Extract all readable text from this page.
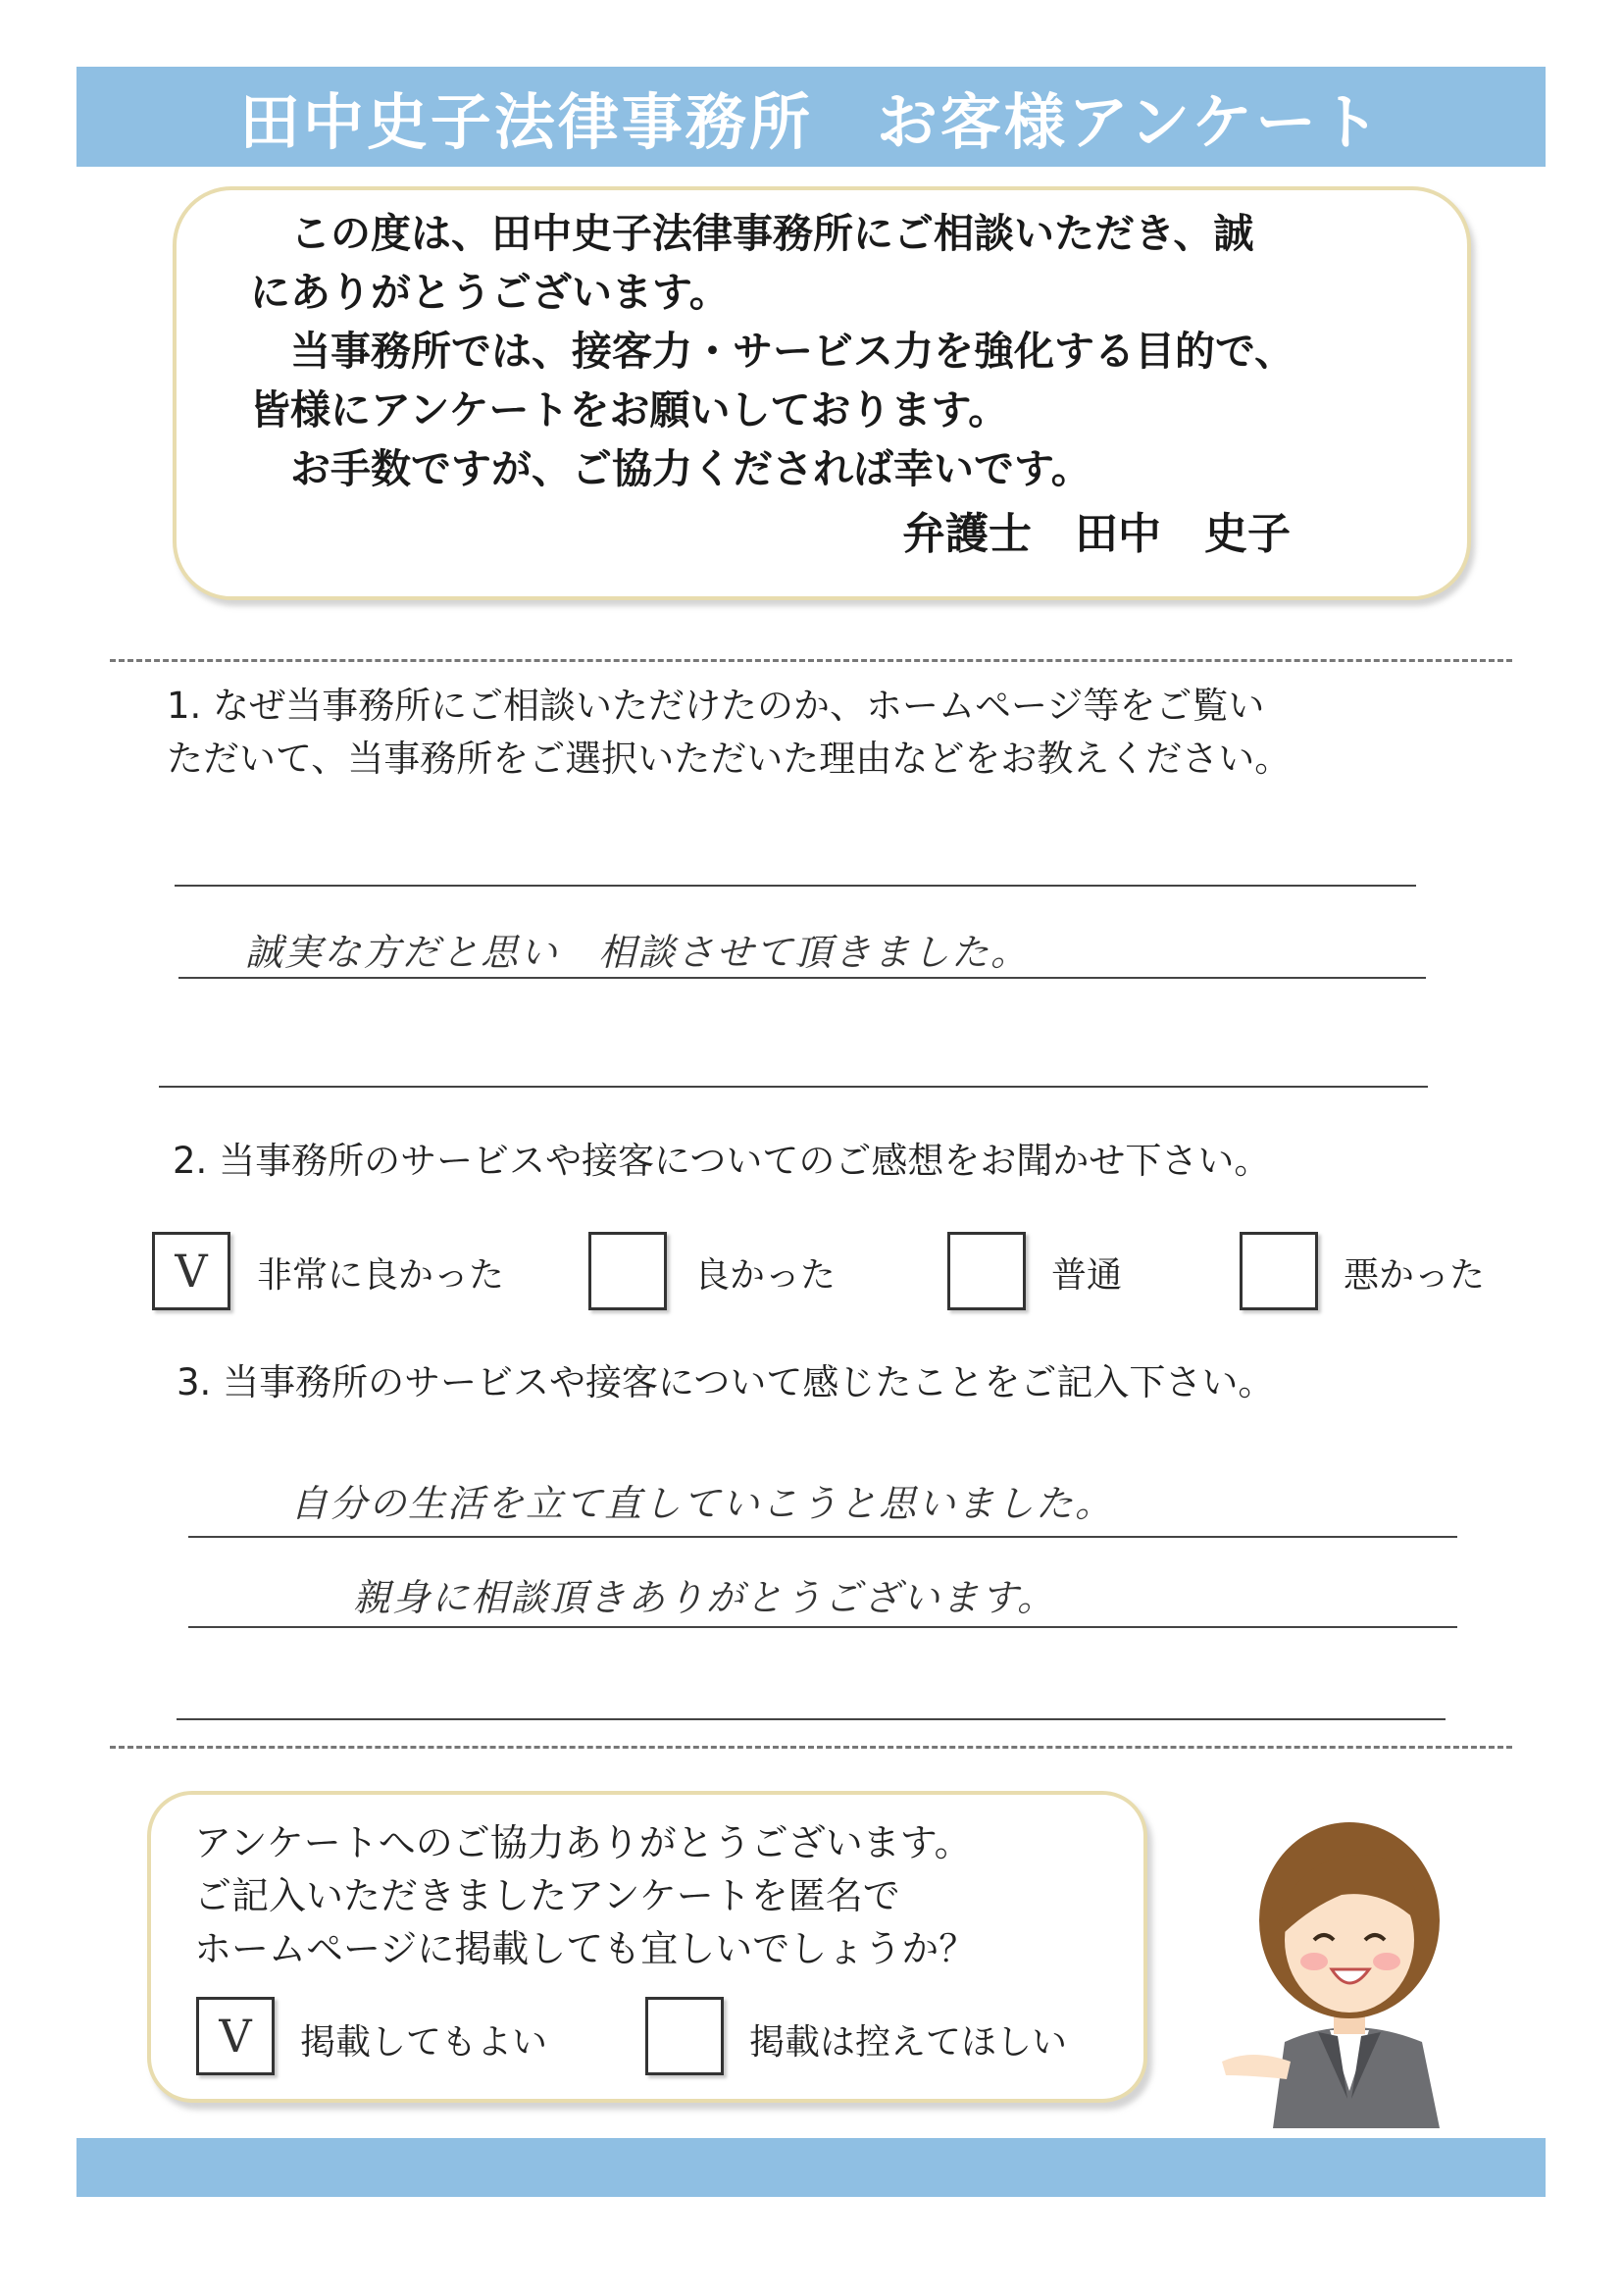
田中史子法律事務所　お客様アンケート

　この度は、田中史子法律事務所にご相談いただき、誠

にありがとうございます。

　当事務所では、接客力・サービス力を強化する目的で、

皆様にアンケートをお願いしております。

　お手数ですが、ご協力くだされば幸いです。

弁護士　田中　史子
1. なぜ当事務所にご相談いただけたのか、ホームページ等をご覧い
ただいて、当事務所をご選択いただいた理由などをお教えください。
誠実な方だと思い　相談させて頂きました。
2. 当事務所のサービスや接客についてのご感想をお聞かせ下さい。
V	非常に良かった	良かった	普通	悪かった
3. 当事務所のサービスや接客について感じたことをご記入下さい。
自分の生活を立て直していこうと思いました。
親身に相談頂きありがとうございます。

アンケートへのご協力ありがとうございます。

ご記入いただきましたアンケートを匿名で

ホームページに掲載しても宜しいでしょうか？

V	掲載してもよい	掲載は控えてほしい
